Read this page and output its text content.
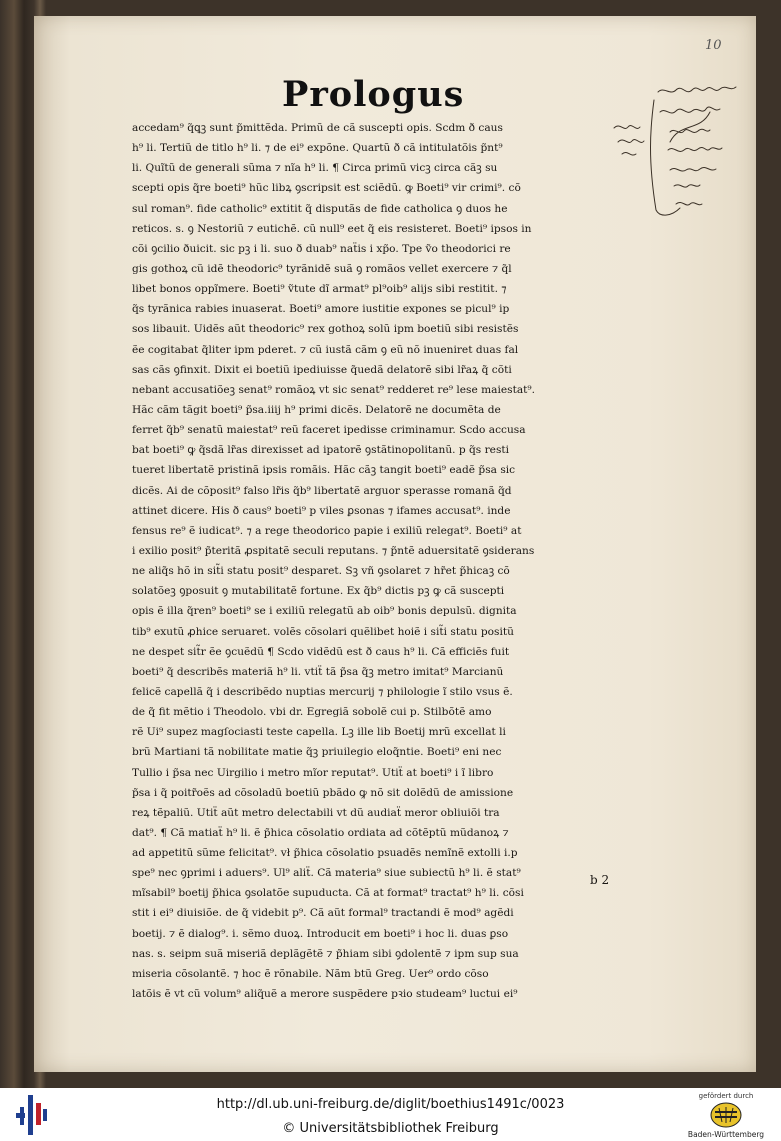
10
Prologus
accedam⁹ q̃ꝗꝫ sunt p̃mittẽda. Primũ de cã suscepti opis. Scdm ð caus
h⁹ li. Tertiũ de titlo h⁹ li. ⁊ de ei⁹ expõne. Quartũ ð cã intitulatõis p̃nt⁹
li. Quĩtũ de generali sũma ⁊ nĩa h⁹ li. ¶ Circa primũ vicꝫ circa cãꝫ su
scepti opis q̃re boeti⁹ hũc libꝝ ꝯscripsit est sciẽdũ. ꝙ Boeti⁹ vir crimi⁹. cõ
sul roman⁹. fide catholic⁹ extitit q̃ disputãs de fide catholica ꝯ duos he
reticos. s. ꝯ Nestoriũ ⁊ eutichẽ. cũ null⁹ eet q̃ eis resisteret. Boeti⁹ ipsos in
cõi ꝯcilio ðuicit. sic pꝫ i li. suo ð duab⁹ naẗis i xp̃o. Tpe ṽo theodorici re
gis gothoꝝ cũ idẽ theodoric⁹ tyrãnidẽ suã ꝯ romãos vellet exercere ⁊ q̃l
libet bonos oppĩmere. Boeti⁹ ṽtute dĩ armat⁹ pl⁹oib⁹ alijs sibi restitit. ⁊
q̃s tyrãnica rabies inuaserat. Boeti⁹ amore iustitie expones se picul⁹ ip
sos libauit. Uidẽs aũt theodoric⁹ rex gothoꝝ solũ ipm boetiũ sibi resistẽs
ẽe cogitabat q̃liter ipm pderet. ⁊ cũ iustã cãm ꝯ eũ nõ inueniret duas fal
sas cãs ꝯfinxit. Dixit ei boetiũ ipediuisse q̃uedã delatorẽ sibi lr̃aꝝ q̃ cõti
nebant accusatiõeꝫ senat⁹ romãoꝝ vt sic senat⁹ redderet re⁹ lese maiestat⁹.
Hãc cãm tãgit boeti⁹ p̃sa.iiij h⁹ primi dicẽs. Delatorẽ ne documẽta de
ferret q̃b⁹ senatũ maiestat⁹ reũ faceret ipedisse criminamur. Scdo accusa
bat boeti⁹ ꝙ q̃sdã lr̃as direxisset ad ipatorẽ ꝯstãtinopolitanũ. p q̃s resti
tueret libertatẽ pristinã ipsis romãis. Hãc cãꝫ tangit boeti⁹ eadẽ p̃sa sic
dicẽs. Ai de cõposit⁹ falso lr̃is q̃b⁹ libertatẽ arguor sperasse romanã q̃d
attinet dicere. His ð caus⁹ boeti⁹ p viles ꝑsonas ⁊ ifames accusat⁹. inde
fensus re⁹ ẽ iudicat⁹. ⁊ a rege theodorico papie i exiliũ relegat⁹. Boeti⁹ at
i exilio posit⁹ p̃teritã ꝓspitatẽ seculi reputans. ⁊ p̃ntẽ aduersitatẽ ꝯsiderans
ne aliq̃s hõ in sit̃i statu posit⁹ desparet. Sꝫ vñ ꝯsolaret ⁊ hr̃et p̃hicaꝫ cõ
solatõeꝫ ꝯposuit ꝯ mutabilitatẽ fortune. Ex q̃b⁹ dictis pꝫ ꝙ cã suscepti
opis ẽ illa q̃ren⁹ boeti⁹ se i exiliũ relegatũ ab oib⁹ bonis depulsũ. dignita
tib⁹ exutũ ꝓhice seruaret. volẽs cõsolari quẽlibet hoiẽ i sit̃i statu positũ
ne despet sit̃r ẽe ꝯcuẽdũ ¶ Scdo vidẽdũ est ð caus h⁹ li. Cã efficiẽs fuit
boeti⁹ q̃ describẽs materiã h⁹ li. vtiẗ tã p̃sa q̃ꝫ metro imitat⁹ Marcianũ
felicẽ capellã q̃ i describẽdo nuptias mercurij ⁊ philologie ĩ stilo vsus ẽ.
de q̃ fit mẽtio i Theodolo. vbi dr. Egregiã sobolẽ cui p. Stilbõtẽ amo
rẽ Ui⁹ supez magſociasti teste capella. Lꝫ ille lib Boetij mrũ excellat li
brũ Martiani tã nobilitate matie q̃ꝫ priuilegio eloq̃ntie. Boeti⁹ eni nec
Tullio i p̃sa nec Uirgilio i metro mĩor reputat⁹. Utiẗ at boeti⁹ i ĩ libro
p̃sa i q̃ poitr̃oẽs ad cõsoladũ boetiũ pbãdo ꝙ nõ sit dolẽdũ de amissione
reꝝ tẽpaliũ. Utiẗ aũt metro delectabili vt dũ audiaẗ meror obliuiõi tra
dat⁹. ¶ Cã matiaẗ h⁹ li. ẽ p̃hica cõsolatio ordiata ad cõtẽptũ mũdanoꝝ ⁊
ad appetitũ sũme felicitat⁹. vł p̃hica cõsolatio psuadẽs nemĩnẽ extolli i.p
spe⁹ nec ꝯprimi i aduers⁹. Ul⁹ aliẗ. Cã materia⁹ siue subiectũ h⁹ li. ẽ stat⁹
mĩsabil⁹ boetij p̃hica ꝯsolatõe supuducta. Cã at format⁹ tractat⁹ h⁹ li. cõsi
stit i ei⁹ diuisiõe. de q̃ videbit p⁹. Cã aũt formal⁹ tractandi ẽ mod⁹ agẽdi
boetij. ⁊ ẽ dialog⁹. i. sẽmo duoꝝ. Introducit em boeti⁹ i hoc li. duas ꝑso
nas. s. seipm suã miseriã deplãgẽtẽ ⁊ p̃hiam sibi ꝯdolentẽ ⁊ ipm sup sua
miseria cõsolantẽ. ⁊ hoc ẽ rõnabile. Nãm btũ Greg. Uer⁹ ordo cõso
latõis ẽ vt cũ volum⁹ aliq̃uẽ a merore suspẽdere pꝛio studeam⁹ luctui ei⁹
b 2
http://dl.ub.uni-freiburg.de/diglit/boethius1491c/0023
© Universitätsbibliothek Freiburg
gefördert durch
Baden-Württemberg
